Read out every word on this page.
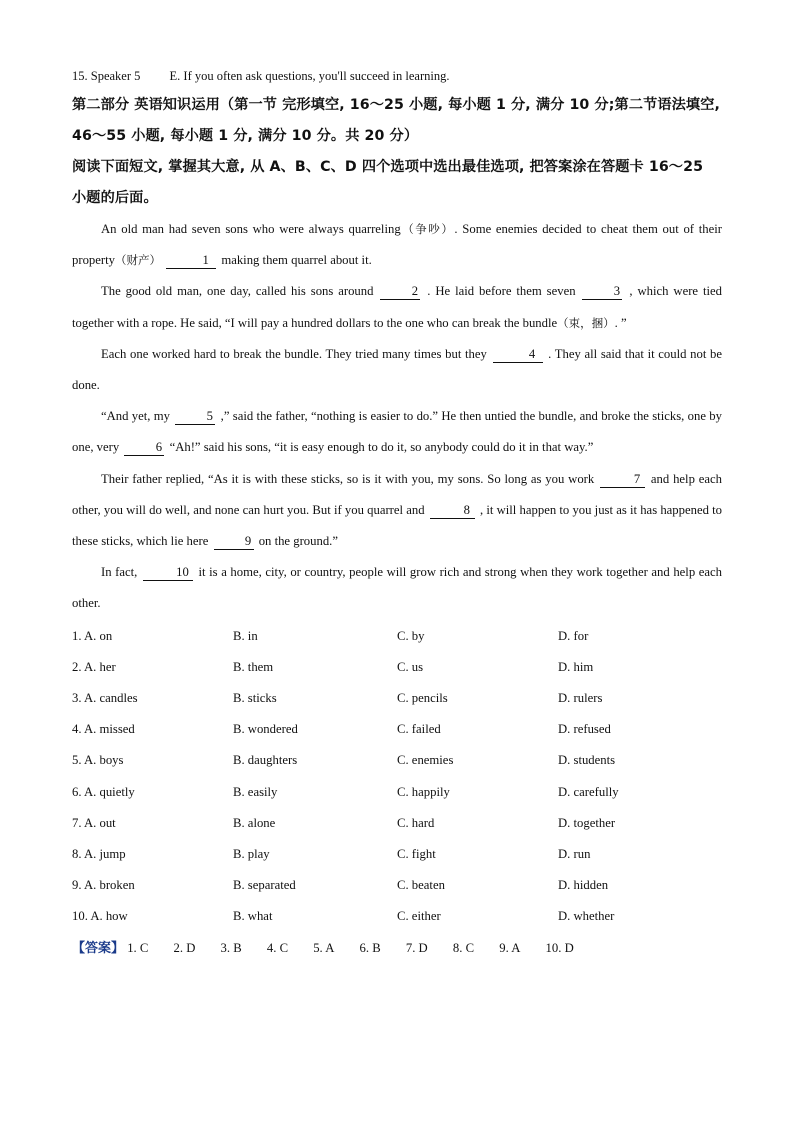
15. Speaker 5 E. If you often ask questions, you'll succeed in learning.
第二部分 英语知识运用（第一节 完形填空, 16～25 小题, 每小题 1 分, 满分 10 分;第二节语法填空, 46～55 小题, 每小题 1 分, 满分 10 分。共 20 分）
阅读下面短文, 掌握其大意, 从 A、B、C、D 四个选项中选出最佳选项, 把答案涂在答题卡 16～25 小题的后面。

An old man had seven sons who were always quarreling（争吵）. Some enemies decided to cheat them out of their property（财产）	1 making them quarrel about it.

The good old man, one day, called his sons around	2 . He laid before them seven	3 , which were tied together with a rope. He said, “I will pay a hundred dollars to the one who can break the bundle（束，捆）. ”

Each one worked hard to break the bundle. They tried many times but they	4 . They all said that it could not be done.

“And yet, my	5 ,” said the father, “nothing is easier to do.” He then untied the bundle, and broke the sticks, one by one, very	6 “Ah!” said his sons, “it is easy enough to do it, so anybody could do it in that way.”

Their father replied, “As it is with these sticks, so is it with you, my sons. So long as you work	7 and help each other, you will do well, and none can hurt you. But if you quarrel and	8 , it will happen to you just as it has happened to these sticks, which lie here	9 on the ground.”

In fact,	10 it is a home, city, or country, people will grow rich and strong when they work together and help each other.

1. A. on	B. in	C. by	D. for
2. A. her	B. them	C. us	D. him
3. A. candles	B. sticks	C. pencils	D. rulers
4. A. missed	B. wondered	C. failed	D. refused
5. A. boys	B. daughters	C. enemies	D. students
6. A. quietly	B. easily	C. happily	D. carefully
7. A. out	B. alone	C. hard	D. together
8. A. jump	B. play	C. fight	D. run
9. A. broken	B. separated	C. beaten	D. hidden
10. A. how	B. what	C. either	D. whether
【答案】 1. C 2. D 3. B 4. C 5. A 6. B 7. D 8. C 9. A 10. D
